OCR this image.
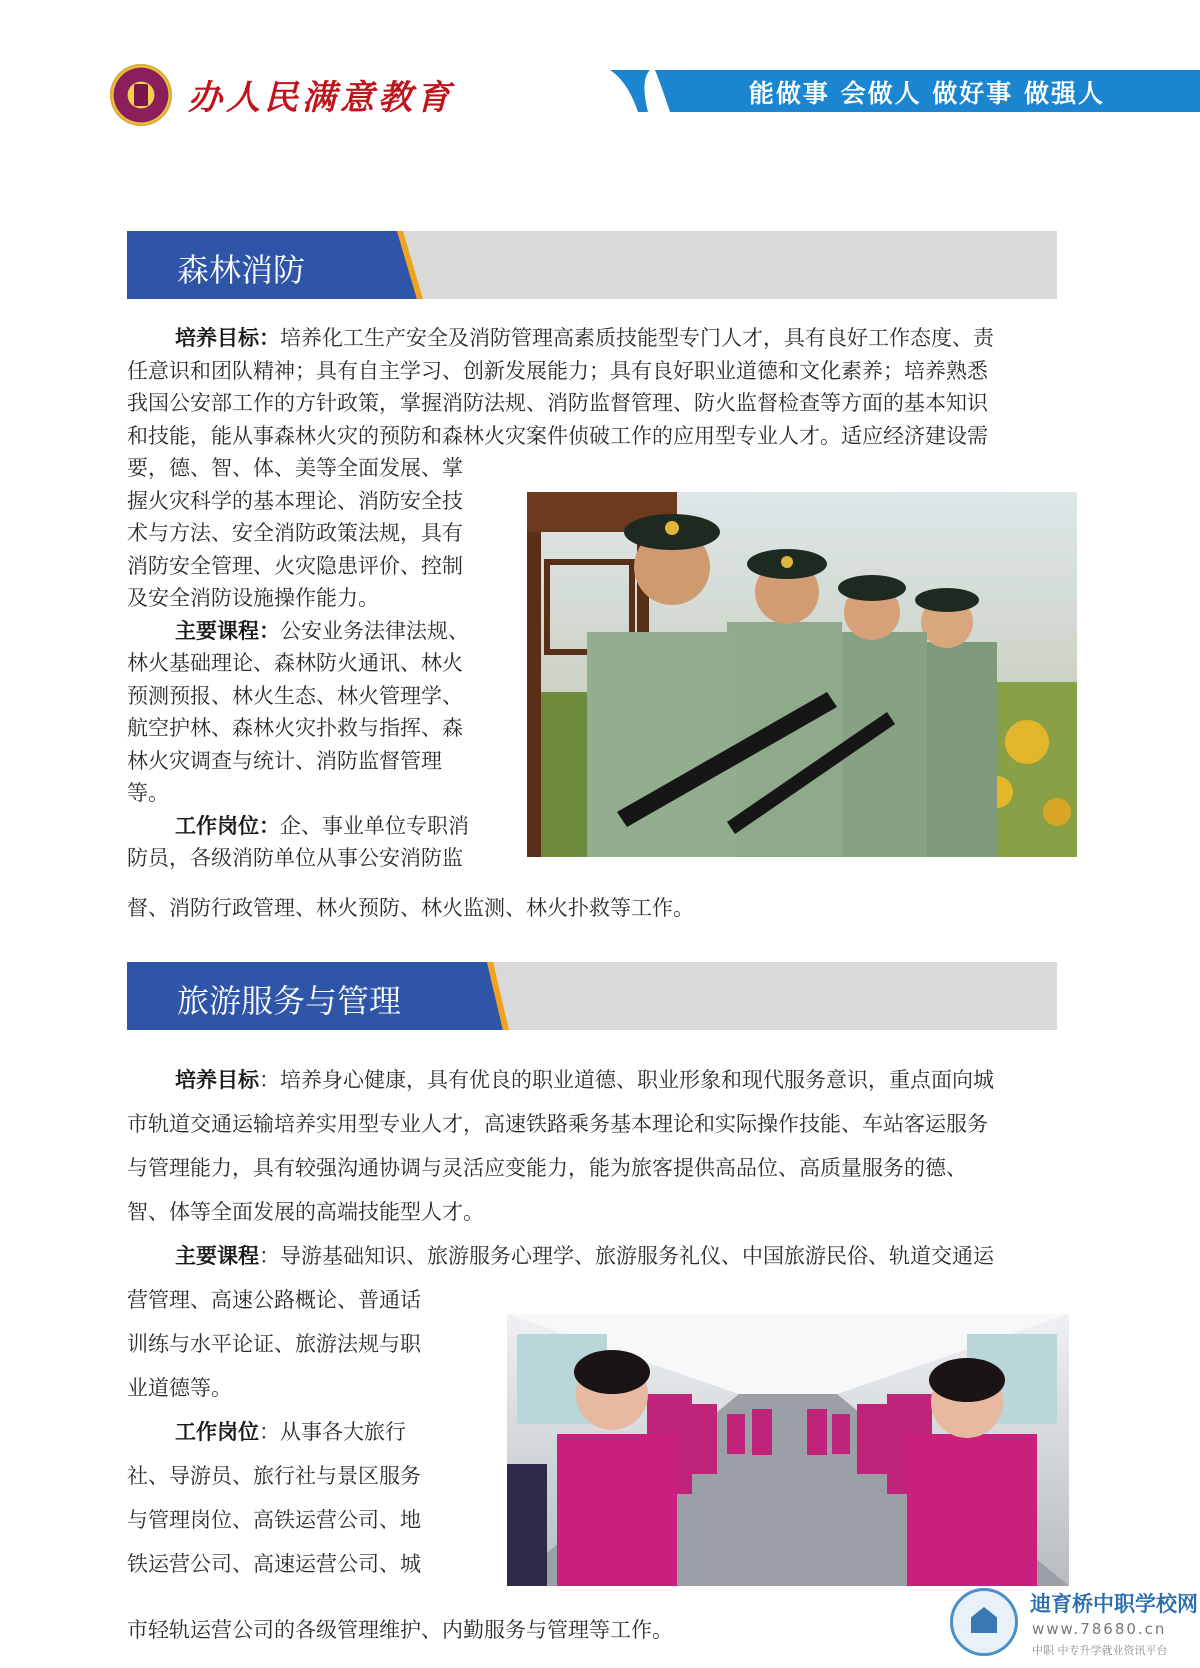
办人民满意教育	能做事 会做人 做好事 做强人
森林消防
培养目标：培养化工生产安全及消防管理高素质技能型专门人才，具有良好工作态度、责
任意识和团队精神；具有自主学习、创新发展能力；具有良好职业道德和文化素养；培养熟悉
我国公安部工作的方针政策，掌握消防法规、消防监督管理、防火监督检查等方面的基本知识
和技能，能从事森林火灾的预防和森林火灾案件侦破工作的应用型专业人才。适应经济建设需
要，德、智、体、美等全面发展、掌
握火灾科学的基本理论、消防安全技
术与方法、安全消防政策法规，具有
消防安全管理、火灾隐患评价、控制
及安全消防设施操作能力。
主要课程：公安业务法律法规、
林火基础理论、森林防火通讯、林火
预测预报、林火生态、林火管理学、
航空护林、森林火灾扑救与指挥、森
林火灾调查与统计、消防监督管理
等。
工作岗位：企、事业单位专职消
防员，各级消防单位从事公安消防监
督、消防行政管理、林火预防、林火监测、林火扑救等工作。
旅游服务与管理
培养目标：培养身心健康，具有优良的职业道德、职业形象和现代服务意识，重点面向城
市轨道交通运输培养实用型专业人才，高速铁路乘务基本理论和实际操作技能、车站客运服务
与管理能力，具有较强沟通协调与灵活应变能力，能为旅客提供高品位、高质量服务的德、
智、体等全面发展的高端技能型人才。
主要课程：导游基础知识、旅游服务心理学、旅游服务礼仪、中国旅游民俗、轨道交通运
营管理、高速公路概论、普通话
训练与水平论证、旅游法规与职
业道德等。
工作岗位：从事各大旅行
社、导游员、旅行社与景区服务
与管理岗位、高铁运营公司、地
铁运营公司、高速运营公司、城
市轻轨运营公司的各级管理维护、内勤服务与管理等工作。
迪育桥中职学校网
www.78680.cn
中职 中专升学就业资讯平台
